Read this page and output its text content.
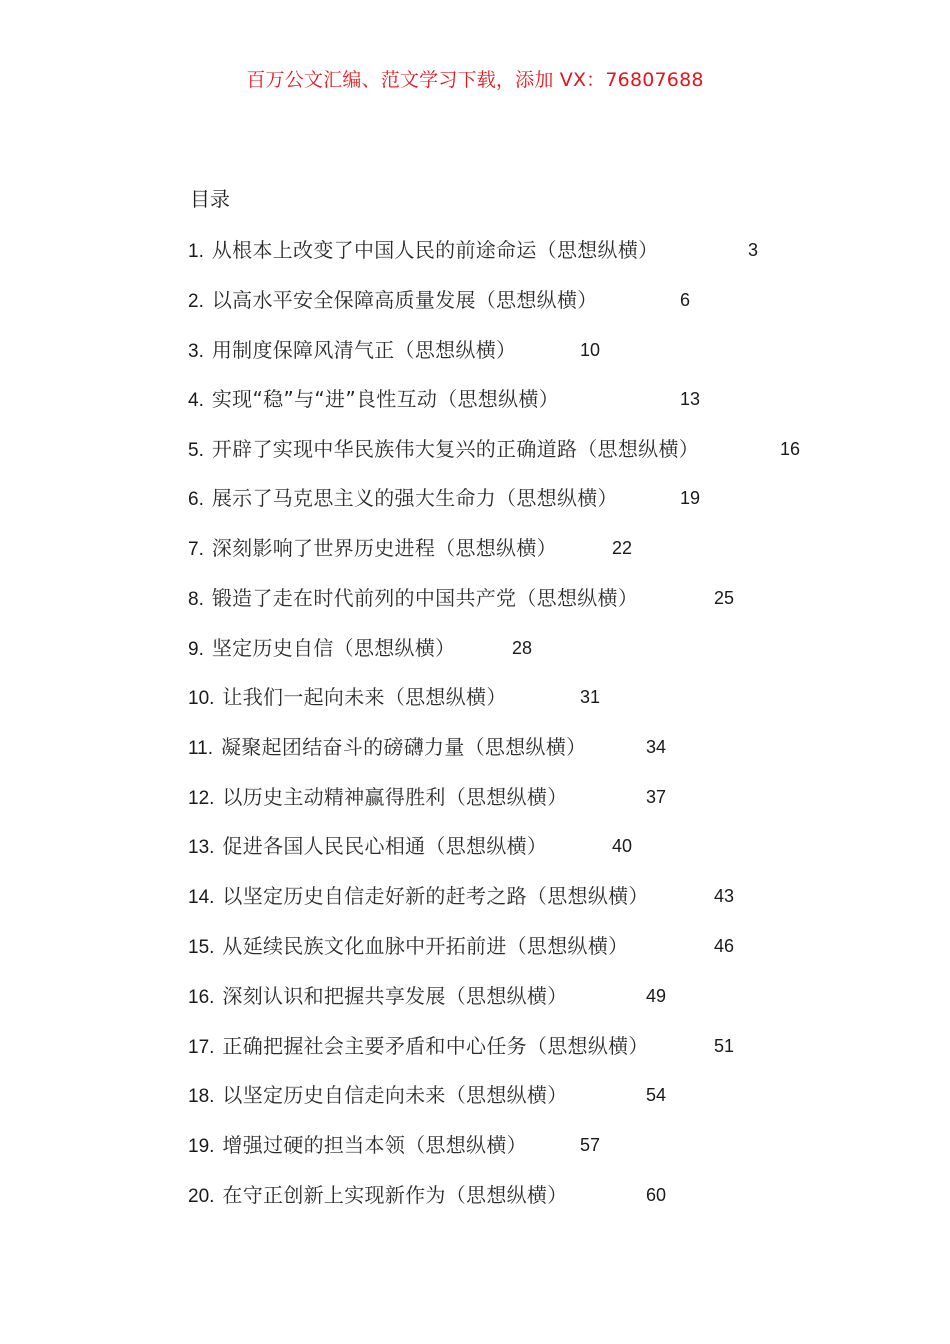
百万公文汇编、范文学习下载，添加 VX：76807688
目录
1. 从根本上改变了中国人民的前途命运（思想纵横）	3
2. 以高水平安全保障高质量发展（思想纵横）	6
3. 用制度保障风清气正（思想纵横）	10
4. 实现“稳”与“进”良性互动（思想纵横）	13
5. 开辟了实现中华民族伟大复兴的正确道路（思想纵横）	16
6. 展示了马克思主义的强大生命力（思想纵横）	19
7. 深刻影响了世界历史进程（思想纵横）	22
8. 锻造了走在时代前列的中国共产党（思想纵横）	25
9. 坚定历史自信（思想纵横）	28
10. 让我们一起向未来（思想纵横）	31
11. 凝聚起团结奋斗的磅礴力量（思想纵横）	34
12. 以历史主动精神赢得胜利（思想纵横）	37
13. 促进各国人民民心相通（思想纵横）	40
14. 以坚定历史自信走好新的赶考之路（思想纵横）	43
15. 从延续民族文化血脉中开拓前进（思想纵横）	46
16. 深刻认识和把握共享发展（思想纵横）	49
17. 正确把握社会主要矛盾和中心任务（思想纵横）	51
18. 以坚定历史自信走向未来（思想纵横）	54
19. 增强过硬的担当本领（思想纵横）	57
20. 在守正创新上实现新作为（思想纵横）	60
